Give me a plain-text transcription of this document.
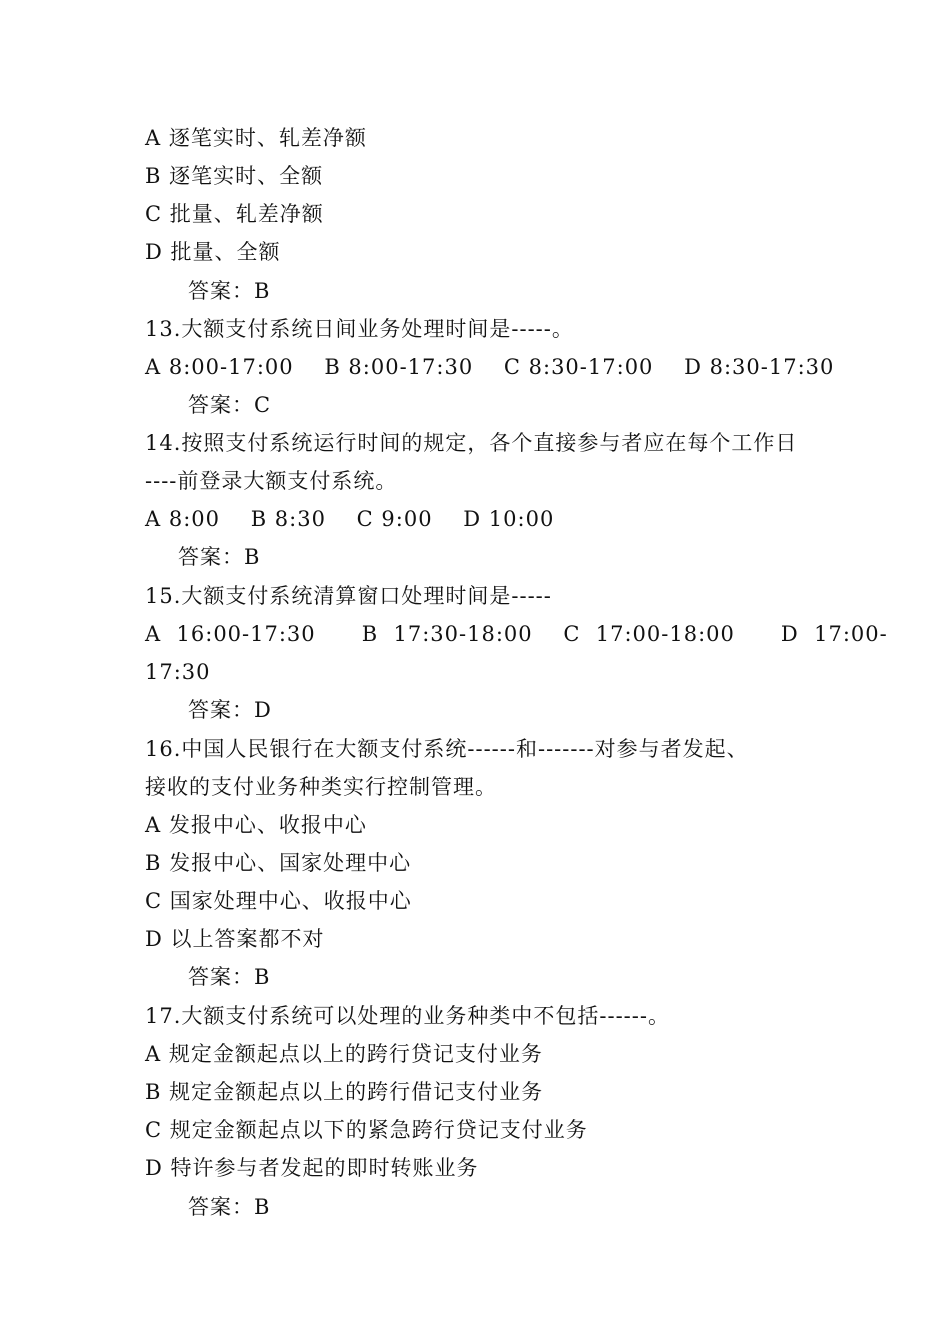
A 逐笔实时、轧差净额
B 逐笔实时、全额
C 批量、轧差净额
D 批量、全额
答案：B
13.大额支付系统日间业务处理时间是-----。
A 8:00-17:00    B 8:00-17:30    C 8:30-17:00    D 8:30-17:30
答案：C
14.按照支付系统运行时间的规定，各个直接参与者应在每个工作日
----前登录大额支付系统。
A 8:00    B 8:30    C 9:00    D 10:00
答案：B
15.大额支付系统清算窗口处理时间是-----
A  16:00-17:30      B  17:30-18:00    C  17:00-18:00      D  17:00-
17:30
答案：D
16.中国人民银行在大额支付系统------和-------对参与者发起、
接收的支付业务种类实行控制管理。
A 发报中心、收报中心
B 发报中心、国家处理中心
C 国家处理中心、收报中心
D 以上答案都不对
答案：B
17.大额支付系统可以处理的业务种类中不包括------。
A 规定金额起点以上的跨行贷记支付业务
B 规定金额起点以上的跨行借记支付业务
C 规定金额起点以下的紧急跨行贷记支付业务
D 特许参与者发起的即时转账业务
答案：B
